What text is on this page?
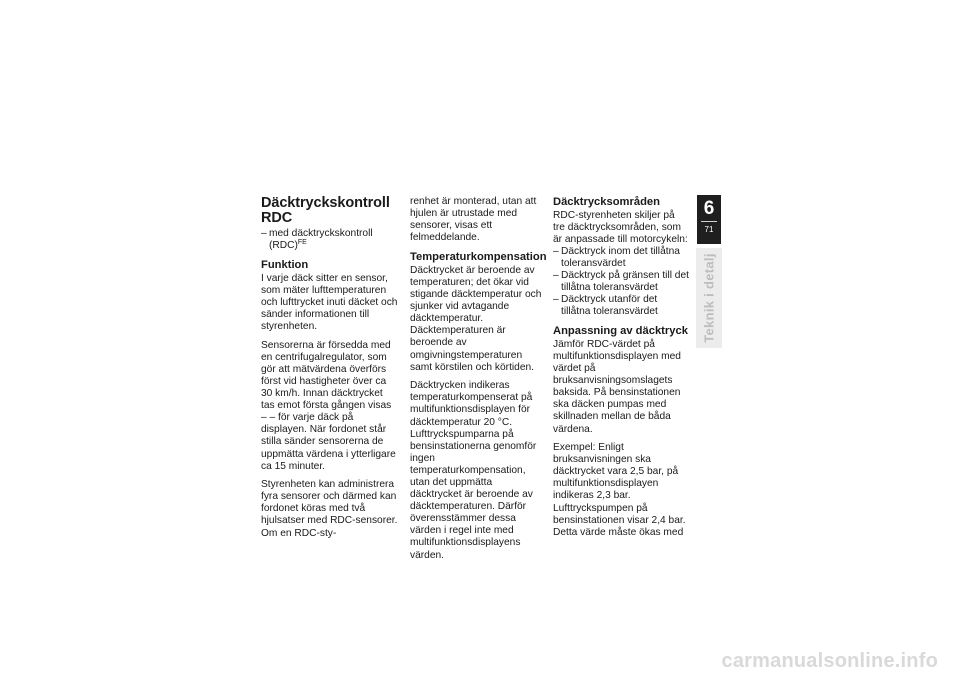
Däcktryckskontroll RDC
– med däcktryckskontroll (RDC)$^{FE}$
Funktion

I varje däck sitter en sensor, som mäter lufttemperaturen och lufttrycket inuti däcket och sänder informationen till styrenheten.

Sensorerna är försedda med en centrifugalregulator, som gör att mätvärdena överförs först vid hastigheter över ca 30 km/h. Innan däcktrycket tas emot första gången visas – – för varje däck på displayen. När fordonet står stilla sänder sensorerna de uppmätta värdena i ytterligare ca 15 minuter.

Styrenheten kan administrera fyra sensorer och därmed kan fordonet köras med två hjulsatser med RDC-sensorer. Om en RDC-sty-

renhet är monterad, utan att hjulen är utrustade med sensorer, visas ett felmeddelande.

Temperaturkompensation

Däcktrycket är beroende av temperaturen; det ökar vid stigande däcktemperatur och sjunker vid avtagande däcktemperatur. Däcktemperaturen är beroende av omgivningstemperaturen samt körstilen och körtiden.

Däcktrycken indikeras temperaturkompenserat på multifunktionsdisplayen för däcktemperatur 20 °C. Lufttryckspumparna på bensinstationerna genomför ingen temperaturkompensation, utan det uppmätta däcktrycket är beroende av däcktemperaturen. Därför överensstämmer dessa värden i regel inte med multifunktionsdisplayens värden.

Däcktrycksområden

RDC-styrenheten skiljer på tre däcktrycksområden, som är anpassade till motorcykeln:

– Däcktryck inom det tillåtna toleransvärdet
– Däcktryck på gränsen till det tillåtna toleransvärdet
– Däcktryck utanför det tillåtna toleransvärdet
Anpassning av däcktryck

Jämför RDC-värdet på multifunktionsdisplayen med värdet på bruksanvisningsomslagets baksida. På bensinstationen ska däcken pumpas med skillnaden mellan de båda värdena.

Exempel: Enligt bruksanvisningen ska däcktrycket vara 2,5 bar, på multifunktionsdisplayen indikeras 2,3 bar. Lufttryckspumpen på bensinstationen visar 2,4 bar. Detta värde måste ökas med

6
71
Teknik i detalj
carmanualsonline.info
